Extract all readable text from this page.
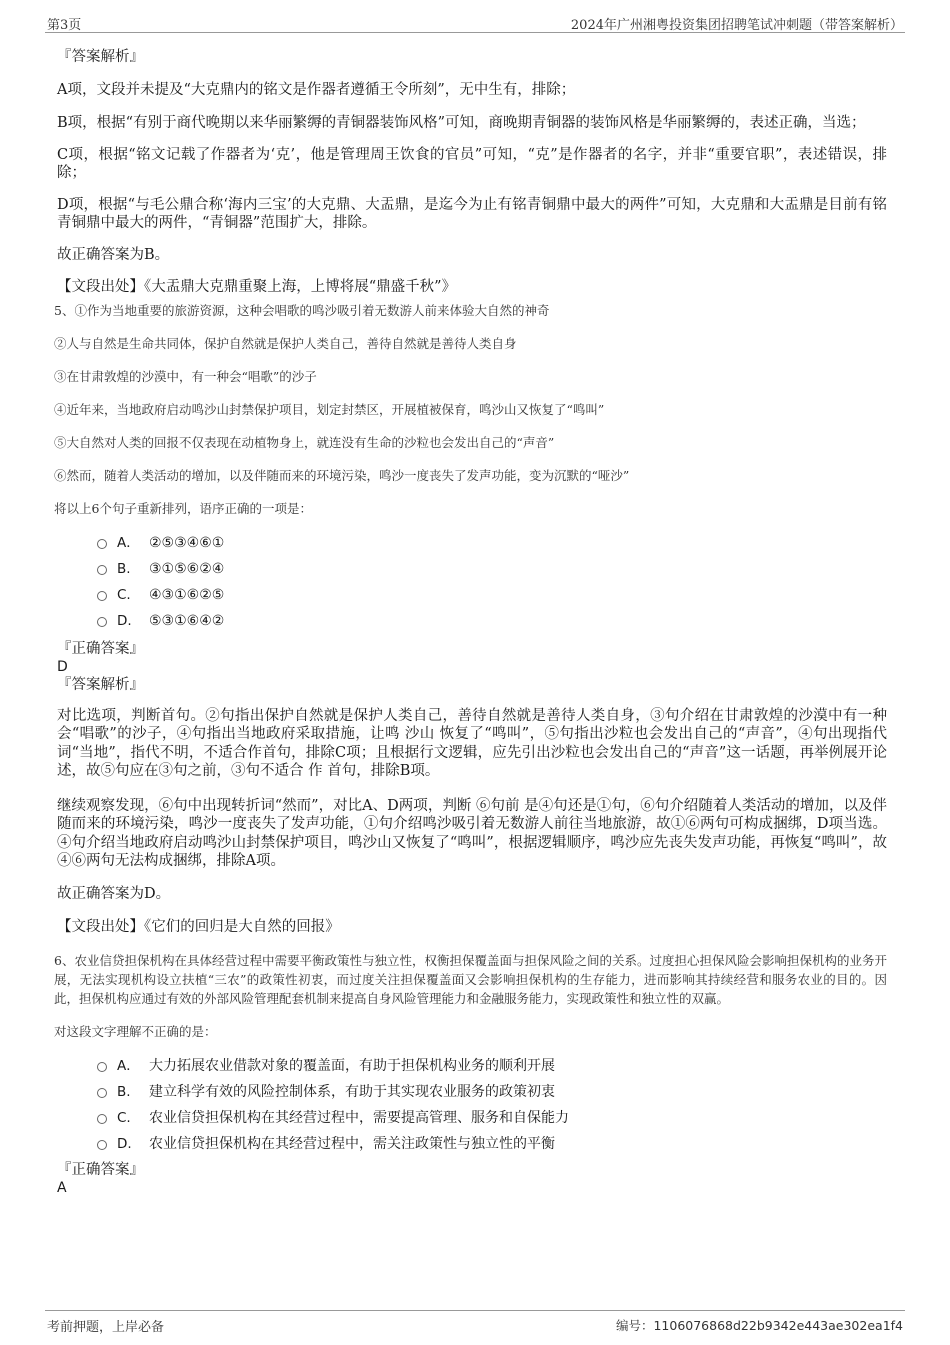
第3页	2024年广州湘粤投资集团招聘笔试冲刺题（带答案解析）

『答案解析』

A项，文段并未提及“大克鼎内的铭文是作器者遵循王令所刻”，无中生有，排除；

B项，根据“有别于商代晚期以来华丽繁缛的青铜器装饰风格”可知，商晚期青铜器的装饰风格是华丽繁缛的，表述正确，当选；

C项，根据“铭文记载了作器者为‘克’，他是管理周王饮食的官员”可知，“克”是作器者的名字，并非“重要官职”，表述错误，排除；

D项，根据“与毛公鼎合称‘海内三宝’的大克鼎、大盂鼎，是迄今为止有铭青铜鼎中最大的两件”可知，大克鼎和大盂鼎是目前有铭青铜鼎中最大的两件，“青铜器”范围扩大，排除。

故正确答案为B。

【文段出处】《大盂鼎大克鼎重聚上海，上博将展“鼎盛千秋”》

5、①作为当地重要的旅游资源，这种会唱歌的鸣沙吸引着无数游人前来体验大自然的神奇

②人与自然是生命共同体，保护自然就是保护人类自己，善待自然就是善待人类自身

③在甘肃敦煌的沙漠中，有一种会“唱歌”的沙子

④近年来，当地政府启动鸣沙山封禁保护项目，划定封禁区，开展植被保育，鸣沙山又恢复了“鸣叫”

⑤大自然对人类的回报不仅表现在动植物身上，就连没有生命的沙粒也会发出自己的“声音”

⑥然而，随着人类活动的增加，以及伴随而来的环境污染，鸣沙一度丧失了发声功能，变为沉默的“哑沙”

将以上6个句子重新排列，语序正确的一项是：

A． ②⑤③④⑥①
B. ③①⑤⑥②④
C. ④③①⑥②⑤
D. ⑤③①⑥④②

『正确答案』

D

『答案解析』

对比选项，判断首句。②句指出保护自然就是保护人类自己，善待自然就是善待人类自身，③句介绍在甘肃敦煌的沙漠中有一种会“唱歌”的沙子，④句指出当地政府采取措施，让鸣 沙山 恢复了“鸣叫”，⑤句指出沙粒也会发出自己的“声音”，④句出现指代词“当地”，指代不明，不适合作首句，排除C项；且根据行文逻辑，应先引出沙粒也会发出自己的“声音”这一话题，再举例展开论述，故⑤句应在③句之前，③句不适合 作 首句，排除B项。

继续观察发现，⑥句中出现转折词“然而”，对比A、D两项，判断 ⑥句前 是④句还是①句，⑥句介绍随着人类活动的增加，以及伴随而来的环境污染，鸣沙一度丧失了发声功能，①句介绍鸣沙吸引着无数游人前往当地旅游，故①⑥两句可构成捆绑，D项当选。④句介绍当地政府启动鸣沙山封禁保护项目，鸣沙山又恢复了“鸣叫”，根据逻辑顺序，鸣沙应先丧失发声功能，再恢复“鸣叫”，故④⑥两句无法构成捆绑，排除A项。

故正确答案为D。

【文段出处】《它们的回归是大自然的回报》

6、农业信贷担保机构在具体经营过程中需要平衡政策性与独立性，权衡担保覆盖面与担保风险之间的关系。过度担心担保风险会影响担保机构的业务开展，无法实现机构设立扶植“三农”的政策性初衷，而过度关注担保覆盖面又会影响担保机构的生存能力，进而影响其持续经营和服务农业的目的。因此，担保机构应通过有效的外部风险管理配套机制来提高自身风险管理能力和金融服务能力，实现政策性和独立性的双赢。

对这段文字理解不正确的是：

A． 大力拓展农业借款对象的覆盖面，有助于担保机构业务的顺利开展
B. 建立科学有效的风险控制体系，有助于其实现农业服务的政策初衷
C. 农业信贷担保机构在其经营过程中，需要提高管理、服务和自保能力
D. 农业信贷担保机构在其经营过程中，需关注政策性与独立性的平衡

『正确答案』

A

考前押题，上岸必备	编号：1106076868d22b9342e443ae302ea1f4
